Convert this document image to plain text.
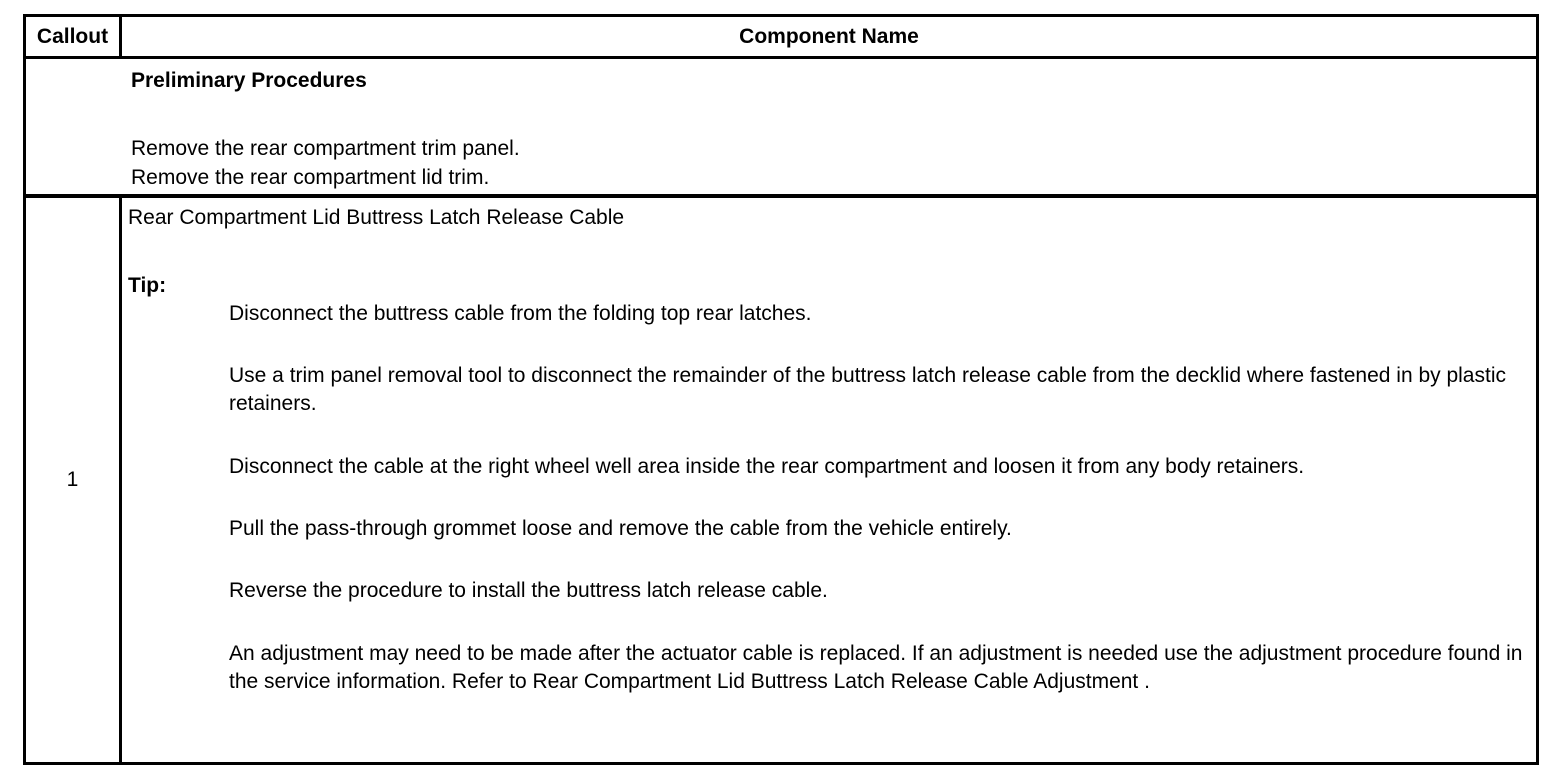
Callout	Component Name
Preliminary Procedures
Remove the rear compartment trim panel.
Remove the rear compartment lid trim.
1
Rear Compartment Lid Buttress Latch Release Cable
Tip:
Disconnect the buttress cable from the folding top rear latches.
Use a trim panel removal tool to disconnect the remainder of the buttress latch release cable from the decklid where fastened in by plastic retainers.
Disconnect the cable at the right wheel well area inside the rear compartment and loosen it from any body retainers.
Pull the pass-through grommet loose and remove the cable from the vehicle entirely.
Reverse the procedure to install the buttress latch release cable.
An adjustment may need to be made after the actuator cable is replaced. If an adjustment is needed use the adjustment procedure found in the service information. Refer to Rear Compartment Lid Buttress Latch Release Cable Adjustment .
